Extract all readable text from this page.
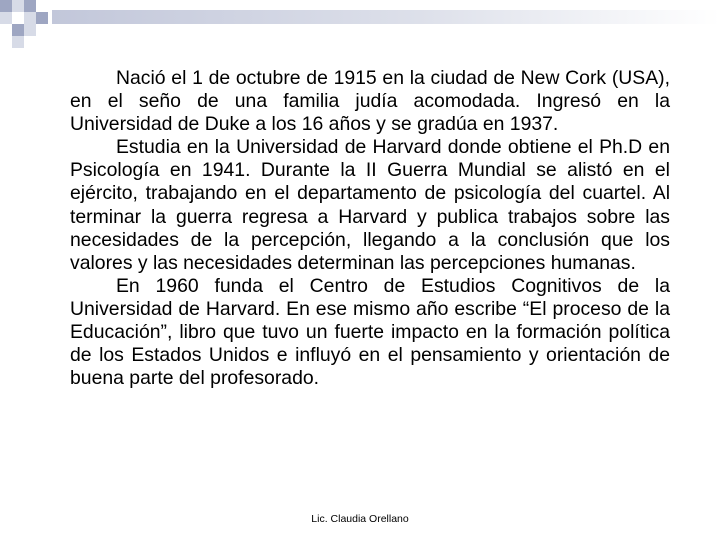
Nació el 1 de octubre de 1915 en la ciudad de New Cork (USA), en el seño de una familia judía acomodada. Ingresó en la Universidad de Duke a los 16 años y se gradúa en 1937.

Estudia en la Universidad de Harvard donde obtiene el Ph.D en Psicología en 1941. Durante la II Guerra Mundial se alistó en el ejército, trabajando en el departamento de psicología del cuartel. Al terminar la guerra regresa a Harvard y publica trabajos sobre las necesidades de la percepción, llegando a la conclusión que los valores y las necesidades determinan las percepciones humanas.

En 1960 funda el Centro de Estudios Cognitivos de la Universidad de Harvard. En ese mismo año escribe “El proceso de la Educación”, libro que tuvo un fuerte impacto en la formación política de los Estados Unidos e influyó en el pensamiento y orientación de buena parte del profesorado.

Lic. Claudia Orellano
